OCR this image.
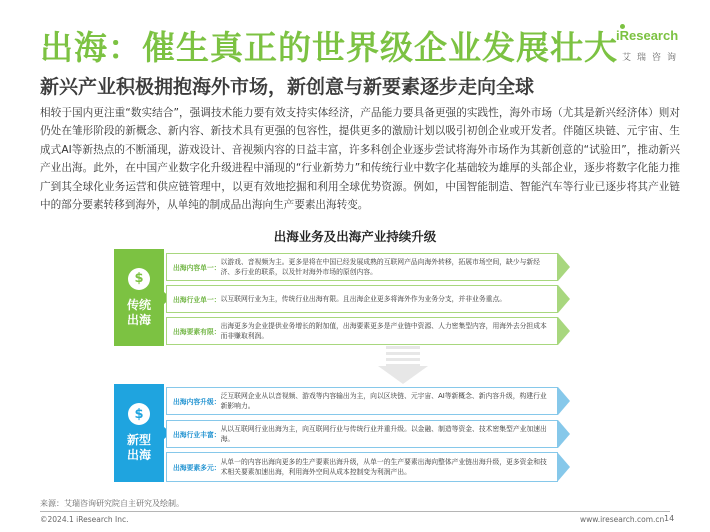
出海：催生真正的世界级企业发展壮大
iResearch
艾瑞咨询
新兴产业积极拥抱海外市场，新创意与新要素逐步走向全球
相较于国内更注重“数实结合”，强调技术能力要有效支持实体经济，产品能力要具备更强的实践性，海外市场（尤其是新兴经济体）则对仍处在雏形阶段的新概念、新内容、新技术具有更强的包容性，提供更多的激励计划以吸引初创企业或开发者。伴随区块链、元宇宙、生成式AI等新热点的不断涌现，游戏设计、音视频内容的日益丰富，许多科创企业逐步尝试将海外市场作为其新创意的“试验田”，推动新兴产业出海。此外，在中国产业数字化升级进程中涌现的“行业新势力”和传统行业中数字化基础较为雄厚的头部企业，逐步将数字化能力推广到其全球化业务运营和供应链管理中，以更有效地挖掘和利用全球优势资源。例如，中国智能制造、智能汽车等行业已逐步将其产业链中的部分要素转移到海外，从单纯的制成品出海向生产要素出海转变。
出海业务及出海产业持续升级
$
传统出海
出海内容单一：
以游戏、音视频为主。更多是将在中国已经发展成熟的互联网产品向海外转移，拓展市场空间，缺少与新经济、多行业的联系，以及针对海外市场的原创内容。
出海行业单一： 以互联网行业为主，传统行业出海有限。且出海企业更多将海外作为业务分支，并非业务重点。
出海要素有限：
出海更多为企业提供业务增长的附加值，出海要素更多是产业链中资源、人力密集型内容，用海外去分担成本而非赚取利润。
$
新型出海
出海内容升级：
泛互联网企业从以音视频、游戏等内容输出为主，向以区块链、元宇宙、AI等新概念、新内容升级，构建行业新影响力。
出海行业丰富：
从以互联网行业出海为主，向互联网行业与传统行业并重升级。以金融、制造等资金、技术密集型产业加速出海。
出海要素多元：
从单一的内容出海向更多的生产要素出海升级，从单一的生产要素出海向整体产业链出海升级，更多资金和技术相关要素加速出海，利用海外空间从成本控制变为利润产出。
来源：艾瑞咨询研究院自主研究及绘制。
©2024.1 iResearch Inc.	www.iresearch.com.cn 14
